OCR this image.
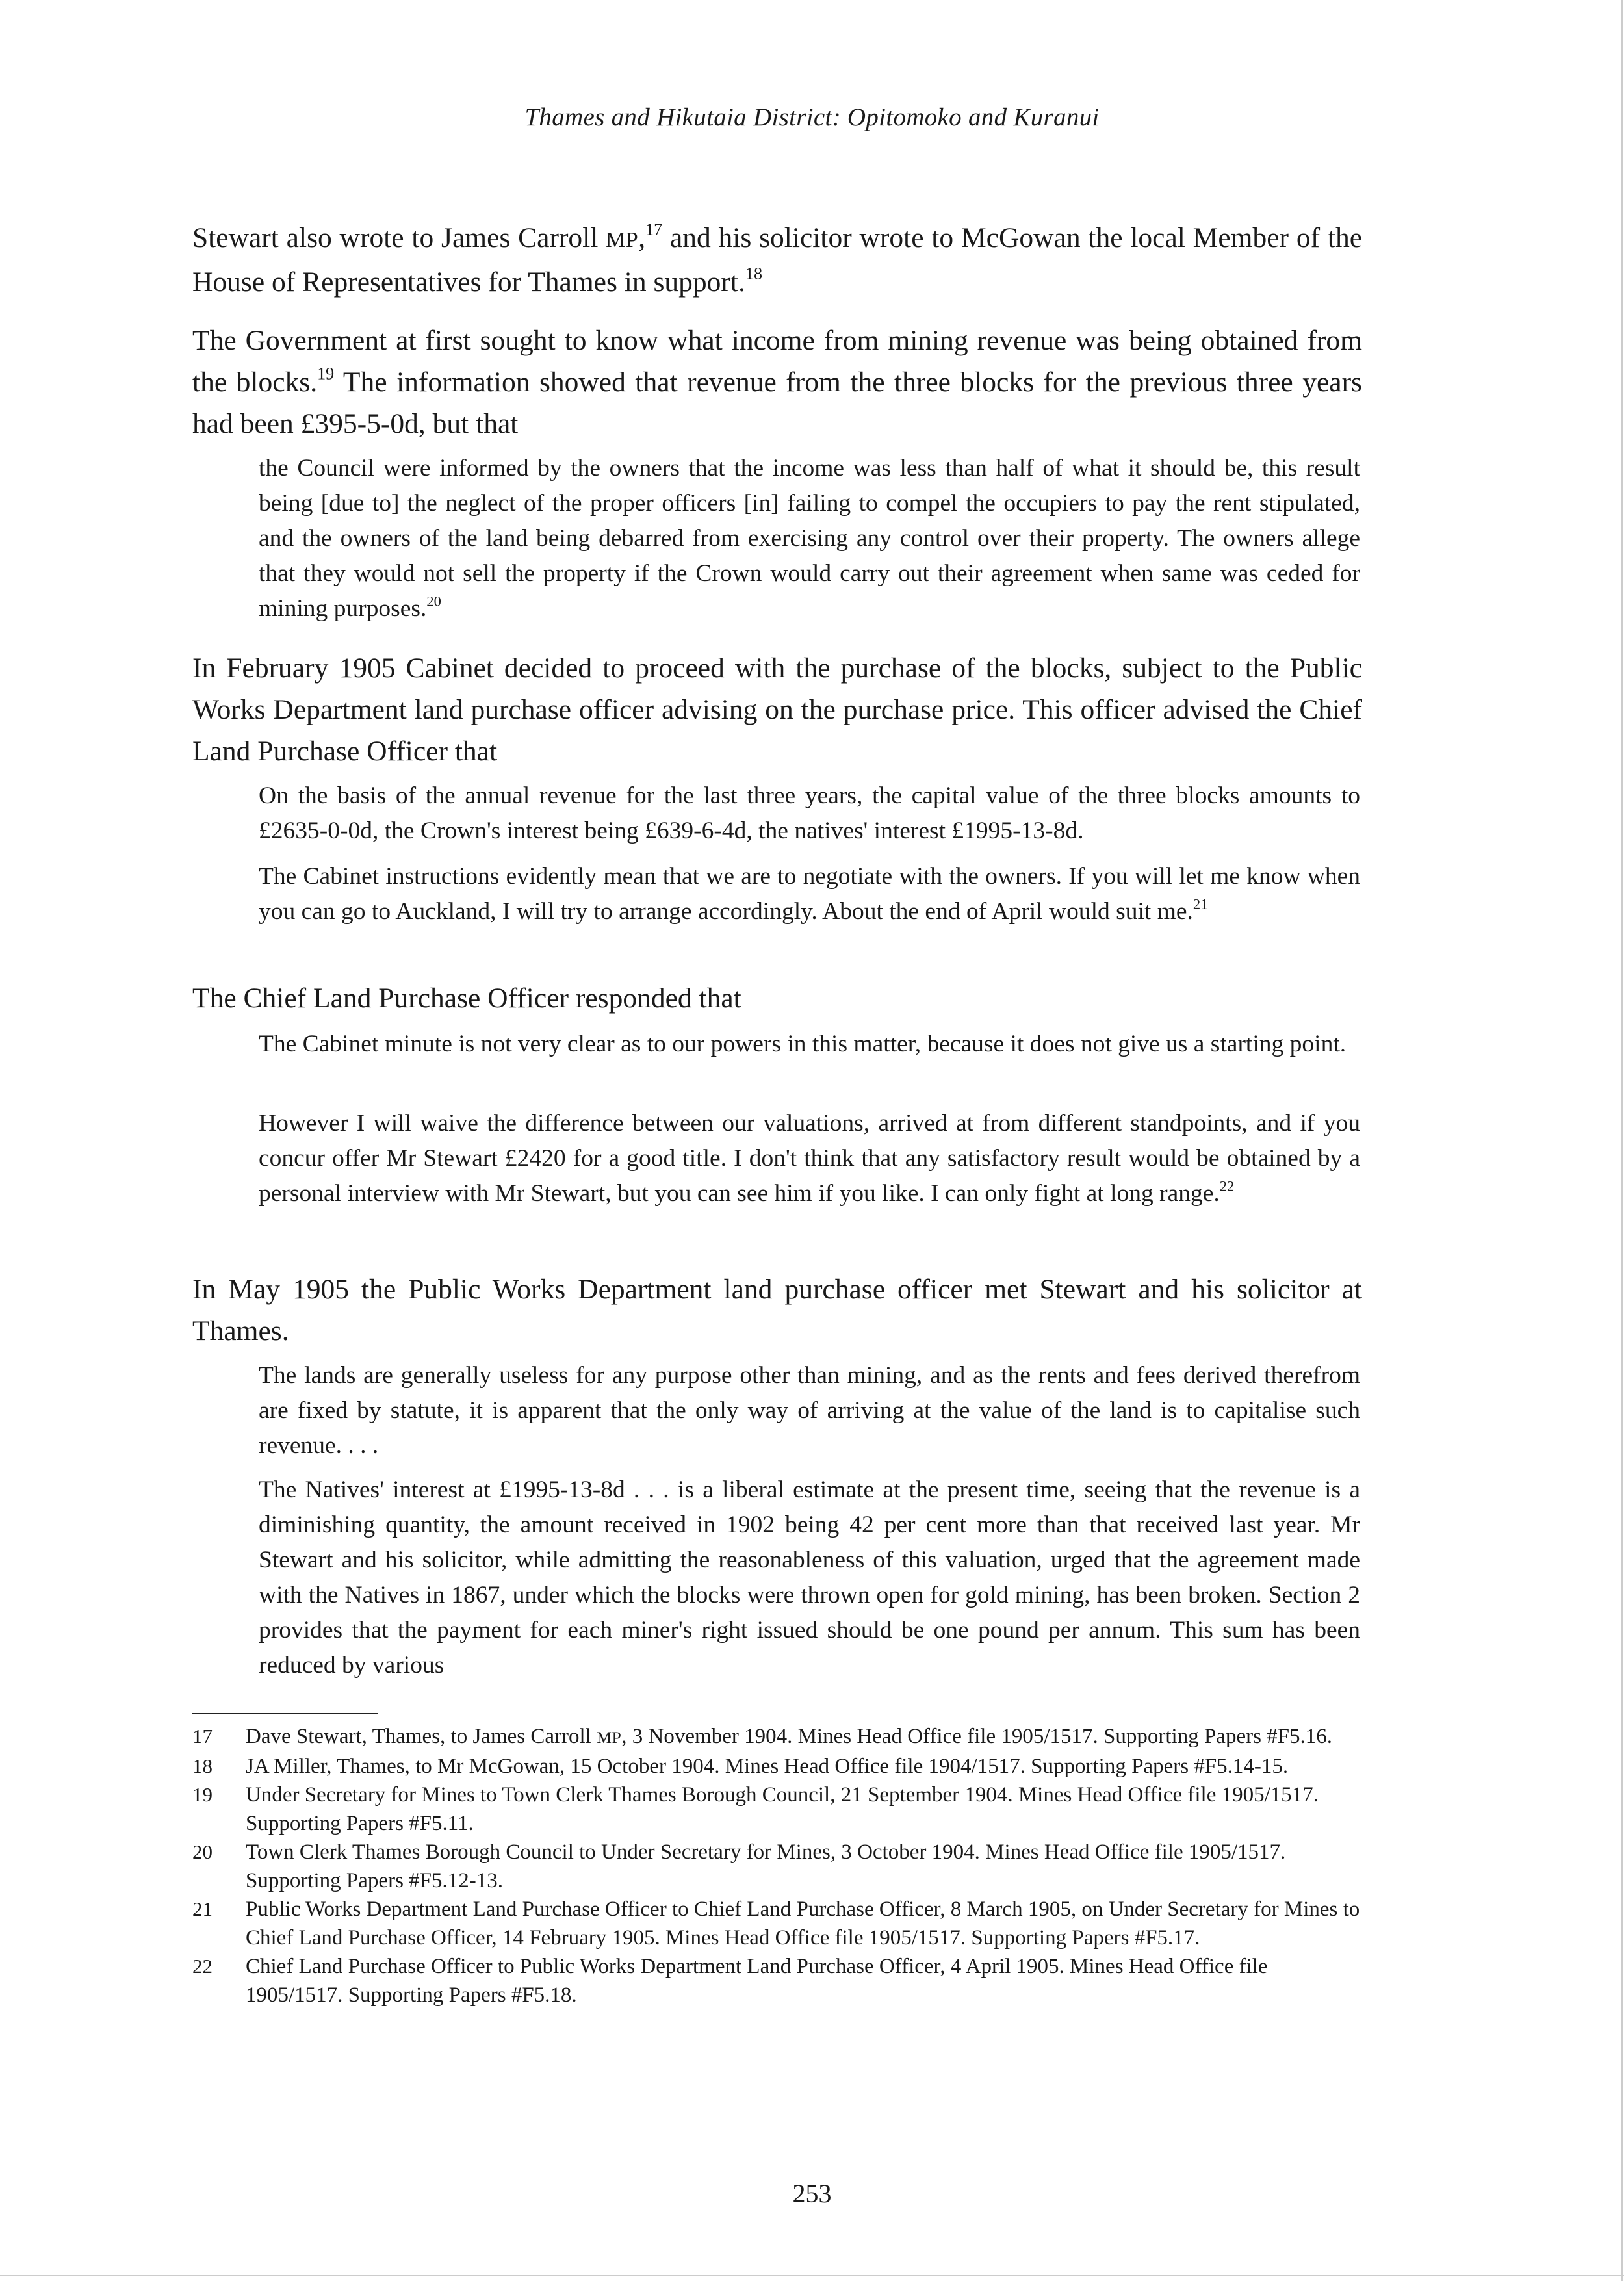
Thames and Hikutaia District: Opitomoko and Kuranui

Stewart also wrote to James Carroll MP,$^{17}$ and his solicitor wrote to McGowan the local Member of the House of Representatives for Thames in support.$^{18}$

The Government at first sought to know what income from mining revenue was being obtained from the blocks.$^{19}$ The information showed that revenue from the three blocks for the previous three years had been £395-5-0d, but that

the Council were informed by the owners that the income was less than half of what it should be, this result being [due to] the neglect of the proper officers [in] failing to compel the occupiers to pay the rent stipulated, and the owners of the land being debarred from exercising any control over their property. The owners allege that they would not sell the property if the Crown would carry out their agreement when same was ceded for mining purposes.$^{20}$

In February 1905 Cabinet decided to proceed with the purchase of the blocks, subject to the Public Works Department land purchase officer advising on the purchase price. This officer advised the Chief Land Purchase Officer that

On the basis of the annual revenue for the last three years, the capital value of the three blocks amounts to £2635-0-0d, the Crown's interest being £639-6-4d, the natives' interest £1995-13-8d.

The Cabinet instructions evidently mean that we are to negotiate with the owners. If you will let me know when you can go to Auckland, I will try to arrange accordingly. About the end of April would suit me.$^{21}$

The Chief Land Purchase Officer responded that

The Cabinet minute is not very clear as to our powers in this matter, because it does not give us a starting point.

However I will waive the difference between our valuations, arrived at from different standpoints, and if you concur offer Mr Stewart £2420 for a good title. I don't think that any satisfactory result would be obtained by a personal interview with Mr Stewart, but you can see him if you like. I can only fight at long range.$^{22}$

In May 1905 the Public Works Department land purchase officer met Stewart and his solicitor at Thames.

The lands are generally useless for any purpose other than mining, and as the rents and fees derived therefrom are fixed by statute, it is apparent that the only way of arriving at the value of the land is to capitalise such revenue. . . .

The Natives' interest at £1995-13-8d . . . is a liberal estimate at the present time, seeing that the revenue is a diminishing quantity, the amount received in 1902 being 42 per cent more than that received last year. Mr Stewart and his solicitor, while admitting the reasonableness of this valuation, urged that the agreement made with the Natives in 1867, under which the blocks were thrown open for gold mining, has been broken. Section 2 provides that the payment for each miner's right issued should be one pound per annum. This sum has been reduced by various

17	Dave Stewart, Thames, to James Carroll MP, 3 November 1904. Mines Head Office file 1905/1517. Supporting Papers #F5.16.
18	JA Miller, Thames, to Mr McGowan, 15 October 1904. Mines Head Office file 1904/1517. Supporting Papers #F5.14-15.
19	Under Secretary for Mines to Town Clerk Thames Borough Council, 21 September 1904. Mines Head Office file 1905/1517. Supporting Papers #F5.11.
20	Town Clerk Thames Borough Council to Under Secretary for Mines, 3 October 1904. Mines Head Office file 1905/1517. Supporting Papers #F5.12-13.
21	Public Works Department Land Purchase Officer to Chief Land Purchase Officer, 8 March 1905, on Under Secretary for Mines to Chief Land Purchase Officer, 14 February 1905. Mines Head Office file 1905/1517. Supporting Papers #F5.17.
22	Chief Land Purchase Officer to Public Works Department Land Purchase Officer, 4 April 1905. Mines Head Office file 1905/1517. Supporting Papers #F5.18.
253
